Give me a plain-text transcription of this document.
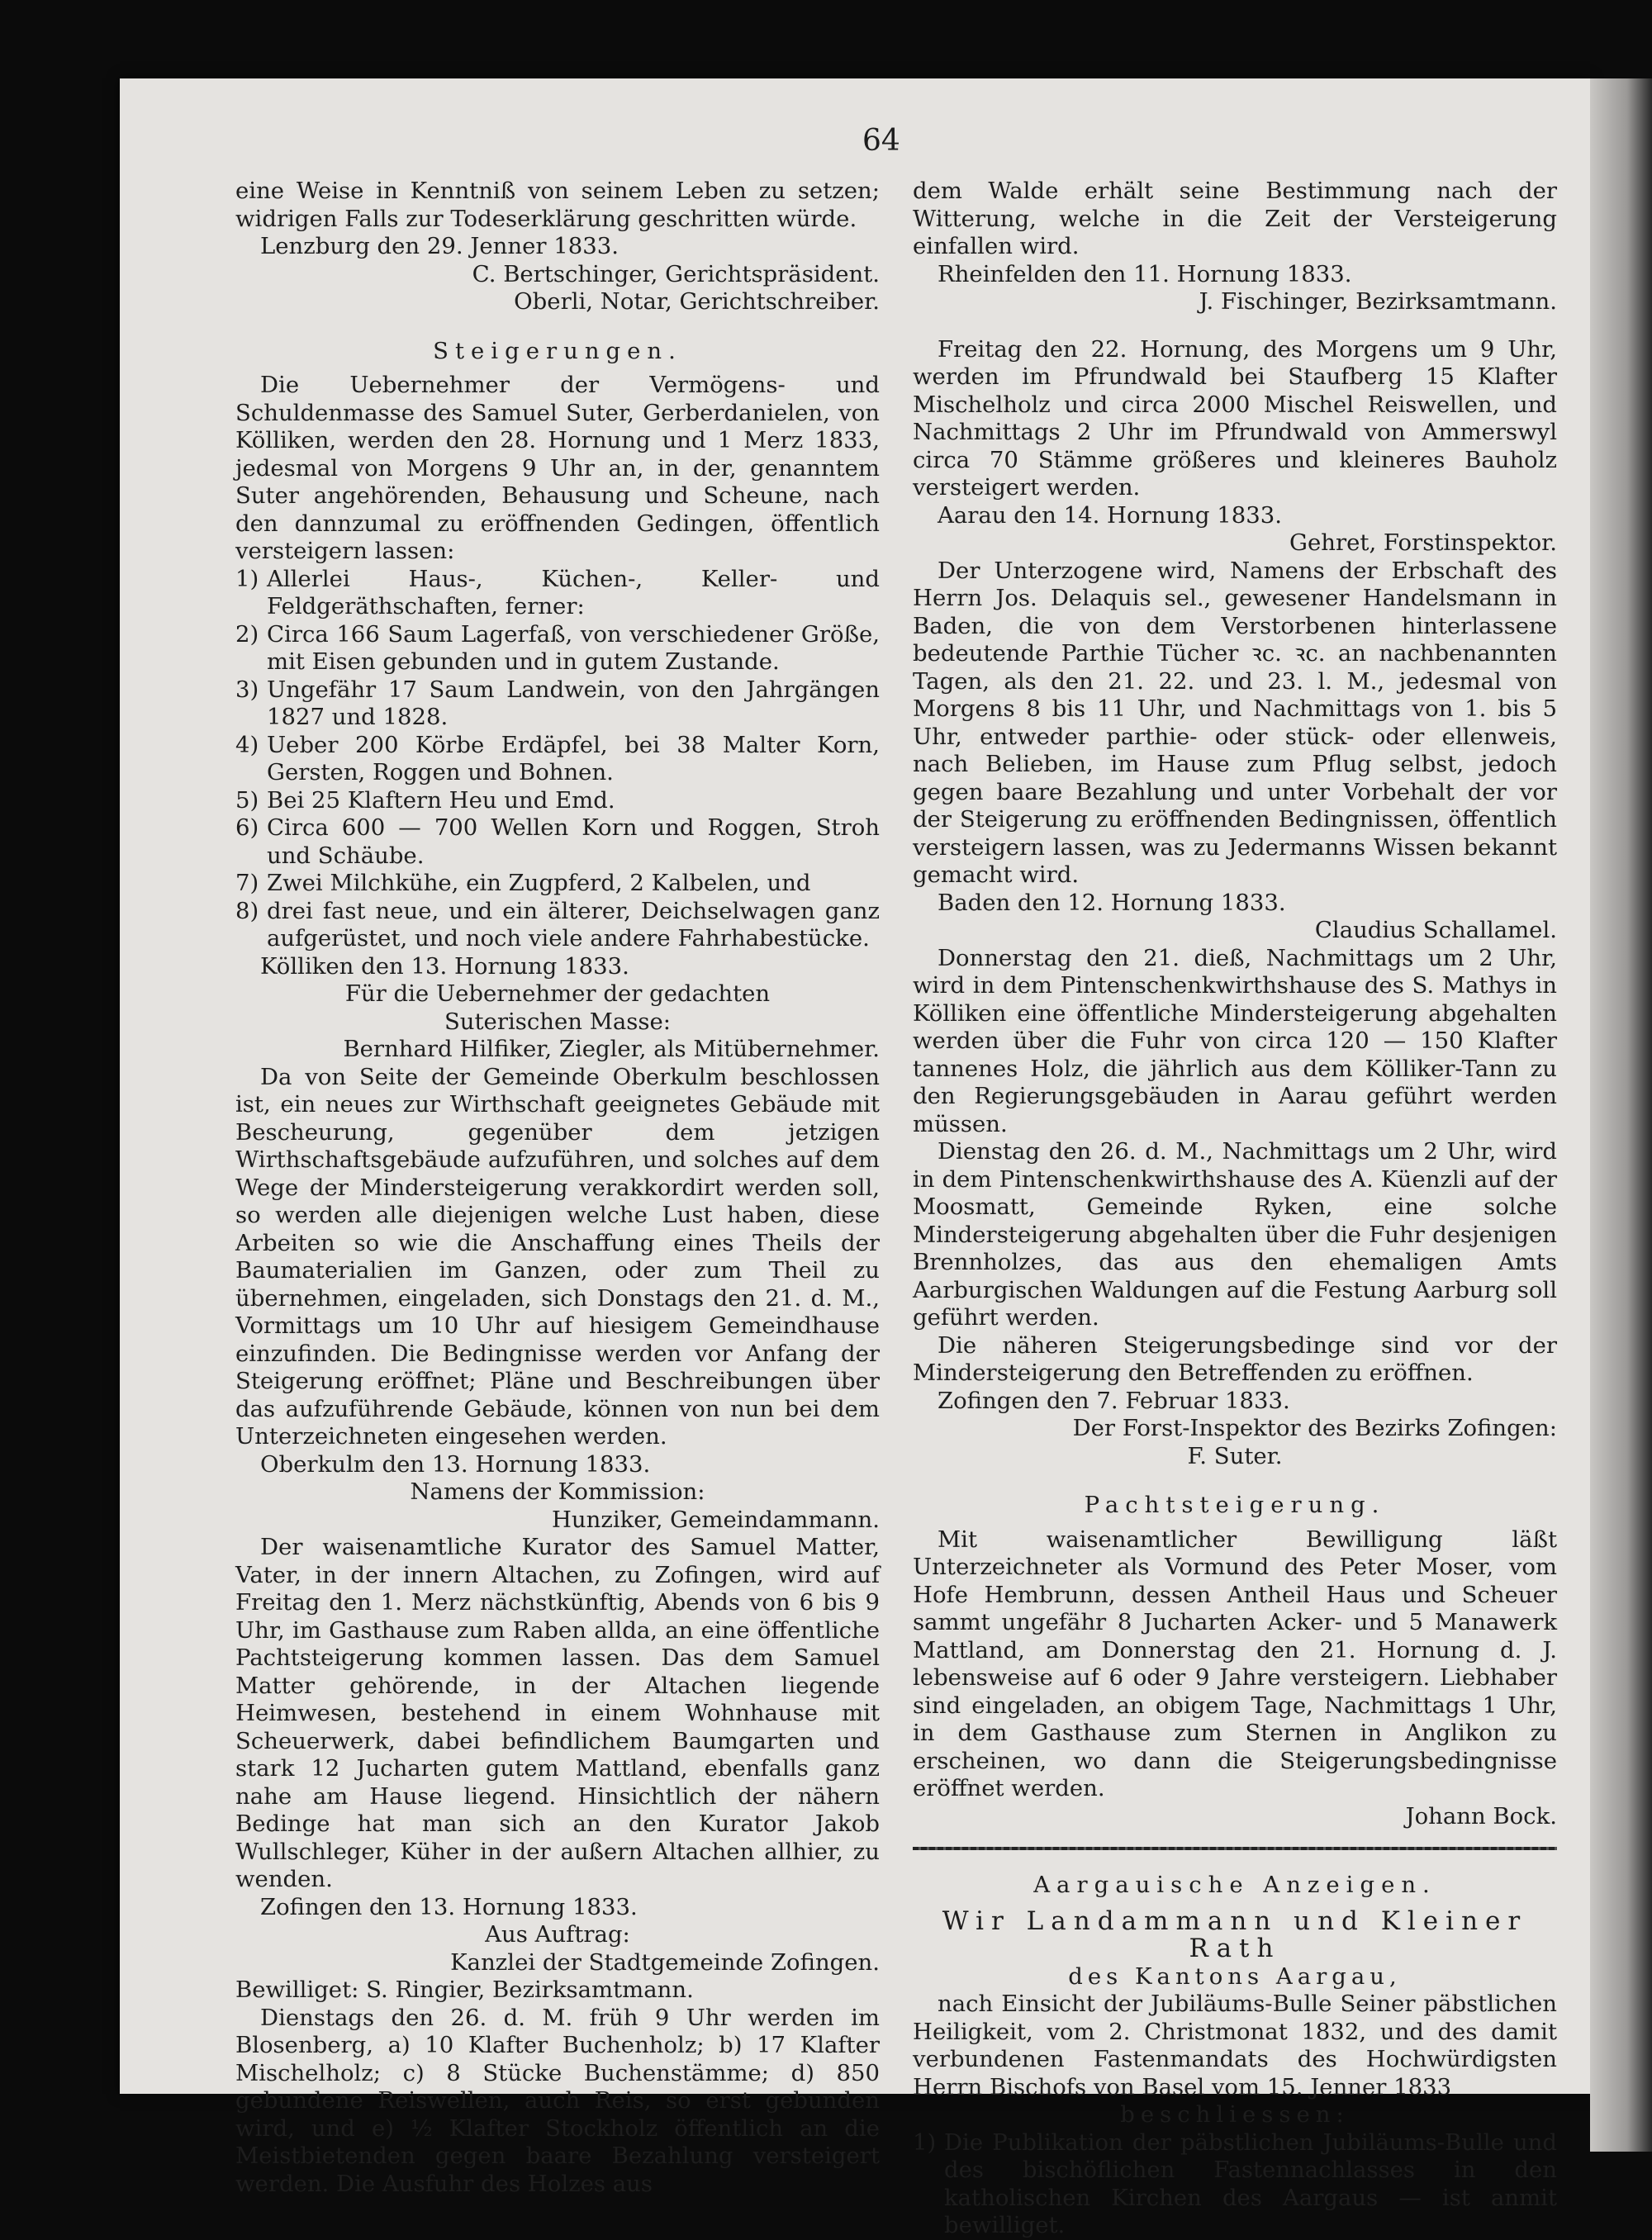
64
eine Weise in Kenntniß von seinem Leben zu setzen; widrigen Falls zur Todeserklärung geschritten würde.
Lenzburg den 29. Jenner 1833.
C. Bertschinger, Gerichtspräsident.
Oberli, Notar, Gerichtschreiber.
Steigerungen.
Die Uebernehmer der Vermögens- und Schuldenmasse des Samuel Suter, Gerberdanielen, von Kölliken, werden den 28. Hornung und 1 Merz 1833, jedesmal von Morgens 9 Uhr an, in der, genanntem Suter angehörenden, Behausung und Scheune, nach den dannzumal zu eröffnenden Gedingen, öffentlich versteigern lassen:
1) Allerlei Haus-, Küchen-, Keller- und Feldgeräthschaften, ferner:
2) Circa 166 Saum Lagerfaß, von verschiedener Größe, mit Eisen gebunden und in gutem Zustande.
3) Ungefähr 17 Saum Landwein, von den Jahrgängen 1827 und 1828.
4) Ueber 200 Körbe Erdäpfel, bei 38 Malter Korn, Gersten, Roggen und Bohnen.
5) Bei 25 Klaftern Heu und Emd.
6) Circa 600 — 700 Wellen Korn und Roggen, Stroh und Schäube.
7) Zwei Milchkühe, ein Zugpferd, 2 Kalbelen, und
8) drei fast neue, und ein älterer, Deichselwagen ganz aufgerüstet, und noch viele andere Fahrhabestücke.
Kölliken den 13. Hornung 1833.
Für die Uebernehmer der gedachten
Suterischen Masse:
Bernhard Hilfiker, Ziegler, als Mitübernehmer.
Da von Seite der Gemeinde Oberkulm beschlossen ist, ein neues zur Wirthschaft geeignetes Gebäude mit Bescheurung, gegenüber dem jetzigen Wirthschaftsgebäude aufzuführen, und solches auf dem Wege der Mindersteigerung verakkordirt werden soll, so werden alle diejenigen welche Lust haben, diese Arbeiten so wie die Anschaffung eines Theils der Baumaterialien im Ganzen, oder zum Theil zu übernehmen, eingeladen, sich Donstags den 21. d. M., Vormittags um 10 Uhr auf hiesigem Gemeindhause einzufinden. Die Bedingnisse werden vor Anfang der Steigerung eröffnet; Pläne und Beschreibungen über das aufzuführende Gebäude, können von nun bei dem Unterzeichneten eingesehen werden.
Oberkulm den 13. Hornung 1833.
Namens der Kommission:
Hunziker, Gemeindammann.
Der waisenamtliche Kurator des Samuel Matter, Vater, in der innern Altachen, zu Zofingen, wird auf Freitag den 1. Merz nächstkünftig, Abends von 6 bis 9 Uhr, im Gasthause zum Raben allda, an eine öffentliche Pachtsteigerung kommen lassen. Das dem Samuel Matter gehörende, in der Altachen liegende Heimwesen, bestehend in einem Wohnhause mit Scheuerwerk, dabei befindlichem Baumgarten und stark 12 Jucharten gutem Mattland, ebenfalls ganz nahe am Hause liegend. Hinsichtlich der nähern Bedinge hat man sich an den Kurator Jakob Wullschleger, Küher in der außern Altachen allhier, zu wenden.
Zofingen den 13. Hornung 1833.
Aus Auftrag:
Kanzlei der Stadtgemeinde Zofingen.
Bewilliget: S. Ringier, Bezirksamtmann.
Dienstags den 26. d. M. früh 9 Uhr werden im Blosenberg, a) 10 Klafter Buchenholz; b) 17 Klafter Mischelholz; c) 8 Stücke Buchenstämme; d) 850 gebundene Reiswellen, auch Reis, so erst gebunden wird, und e) ½ Klafter Stockholz öffentlich an die Meistbietenden gegen baare Bezahlung versteigert werden. Die Ausfuhr des Holzes aus
dem Walde erhält seine Bestimmung nach der Witterung, welche in die Zeit der Versteigerung einfallen wird.
Rheinfelden den 11. Hornung 1833.
J. Fischinger, Bezirksamtmann.
Freitag den 22. Hornung, des Morgens um 9 Uhr, werden im Pfrundwald bei Staufberg 15 Klafter Mischelholz und circa 2000 Mischel Reiswellen, und Nachmittags 2 Uhr im Pfrundwald von Ammerswyl circa 70 Stämme größeres und kleineres Bauholz versteigert werden.
Aarau den 14. Hornung 1833.
Gehret, Forstinspektor.
Der Unterzogene wird, Namens der Erbschaft des Herrn Jos. Delaquis sel., gewesener Handelsmann in Baden, die von dem Verstorbenen hinterlassene bedeutende Parthie Tücher ꝛc. ꝛc. an nachbenannten Tagen, als den 21. 22. und 23. l. M., jedesmal von Morgens 8 bis 11 Uhr, und Nachmittags von 1. bis 5 Uhr, entweder parthie- oder stück- oder ellenweis, nach Belieben, im Hause zum Pflug selbst, jedoch gegen baare Bezahlung und unter Vorbehalt der vor der Steigerung zu eröffnenden Bedingnissen, öffentlich versteigern lassen, was zu Jedermanns Wissen bekannt gemacht wird.
Baden den 12. Hornung 1833.
Claudius Schallamel.
Donnerstag den 21. dieß, Nachmittags um 2 Uhr, wird in dem Pintenschenkwirthshause des S. Mathys in Kölliken eine öffentliche Mindersteigerung abgehalten werden über die Fuhr von circa 120 — 150 Klafter tannenes Holz, die jährlich aus dem Kölliker-Tann zu den Regierungsgebäuden in Aarau geführt werden müssen.
Dienstag den 26. d. M., Nachmittags um 2 Uhr, wird in dem Pintenschenkwirthshause des A. Küenzli auf der Moosmatt, Gemeinde Ryken, eine solche Mindersteigerung abgehalten über die Fuhr desjenigen Brennholzes, das aus den ehemaligen Amts Aarburgischen Waldungen auf die Festung Aarburg soll geführt werden.
Die näheren Steigerungsbedinge sind vor der Mindersteigerung den Betreffenden zu eröffnen.
Zofingen den 7. Februar 1833.
Der Forst-Inspektor des Bezirks Zofingen:
F. Suter.
Pachtsteigerung.
Mit waisenamtlicher Bewilligung läßt Unterzeichneter als Vormund des Peter Moser, vom Hofe Hembrunn, dessen Antheil Haus und Scheuer sammt ungefähr 8 Jucharten Acker- und 5 Manawerk Mattland, am Donnerstag den 21. Hornung d. J. lebensweise auf 6 oder 9 Jahre versteigern. Liebhaber sind eingeladen, an obigem Tage, Nachmittags 1 Uhr, in dem Gasthause zum Sternen in Anglikon zu erscheinen, wo dann die Steigerungsbedingnisse eröffnet werden.
Johann Bock.
Aargauische Anzeigen.
Wir Landammann und Kleiner Rath
des Kantons Aargau,
nach Einsicht der Jubiläums-Bulle Seiner päbstlichen Heiligkeit, vom 2. Christmonat 1832, und des damit verbundenen Fastenmandats des Hochwürdigsten Herrn Bischofs von Basel vom 15. Jenner 1833
beschliessen:
1) Die Publikation der päbstlichen Jubiläums-Bulle und des bischöflichen Fastennachlasses in den katholischen Kirchen des Aargaus — ist anmit bewilliget.
